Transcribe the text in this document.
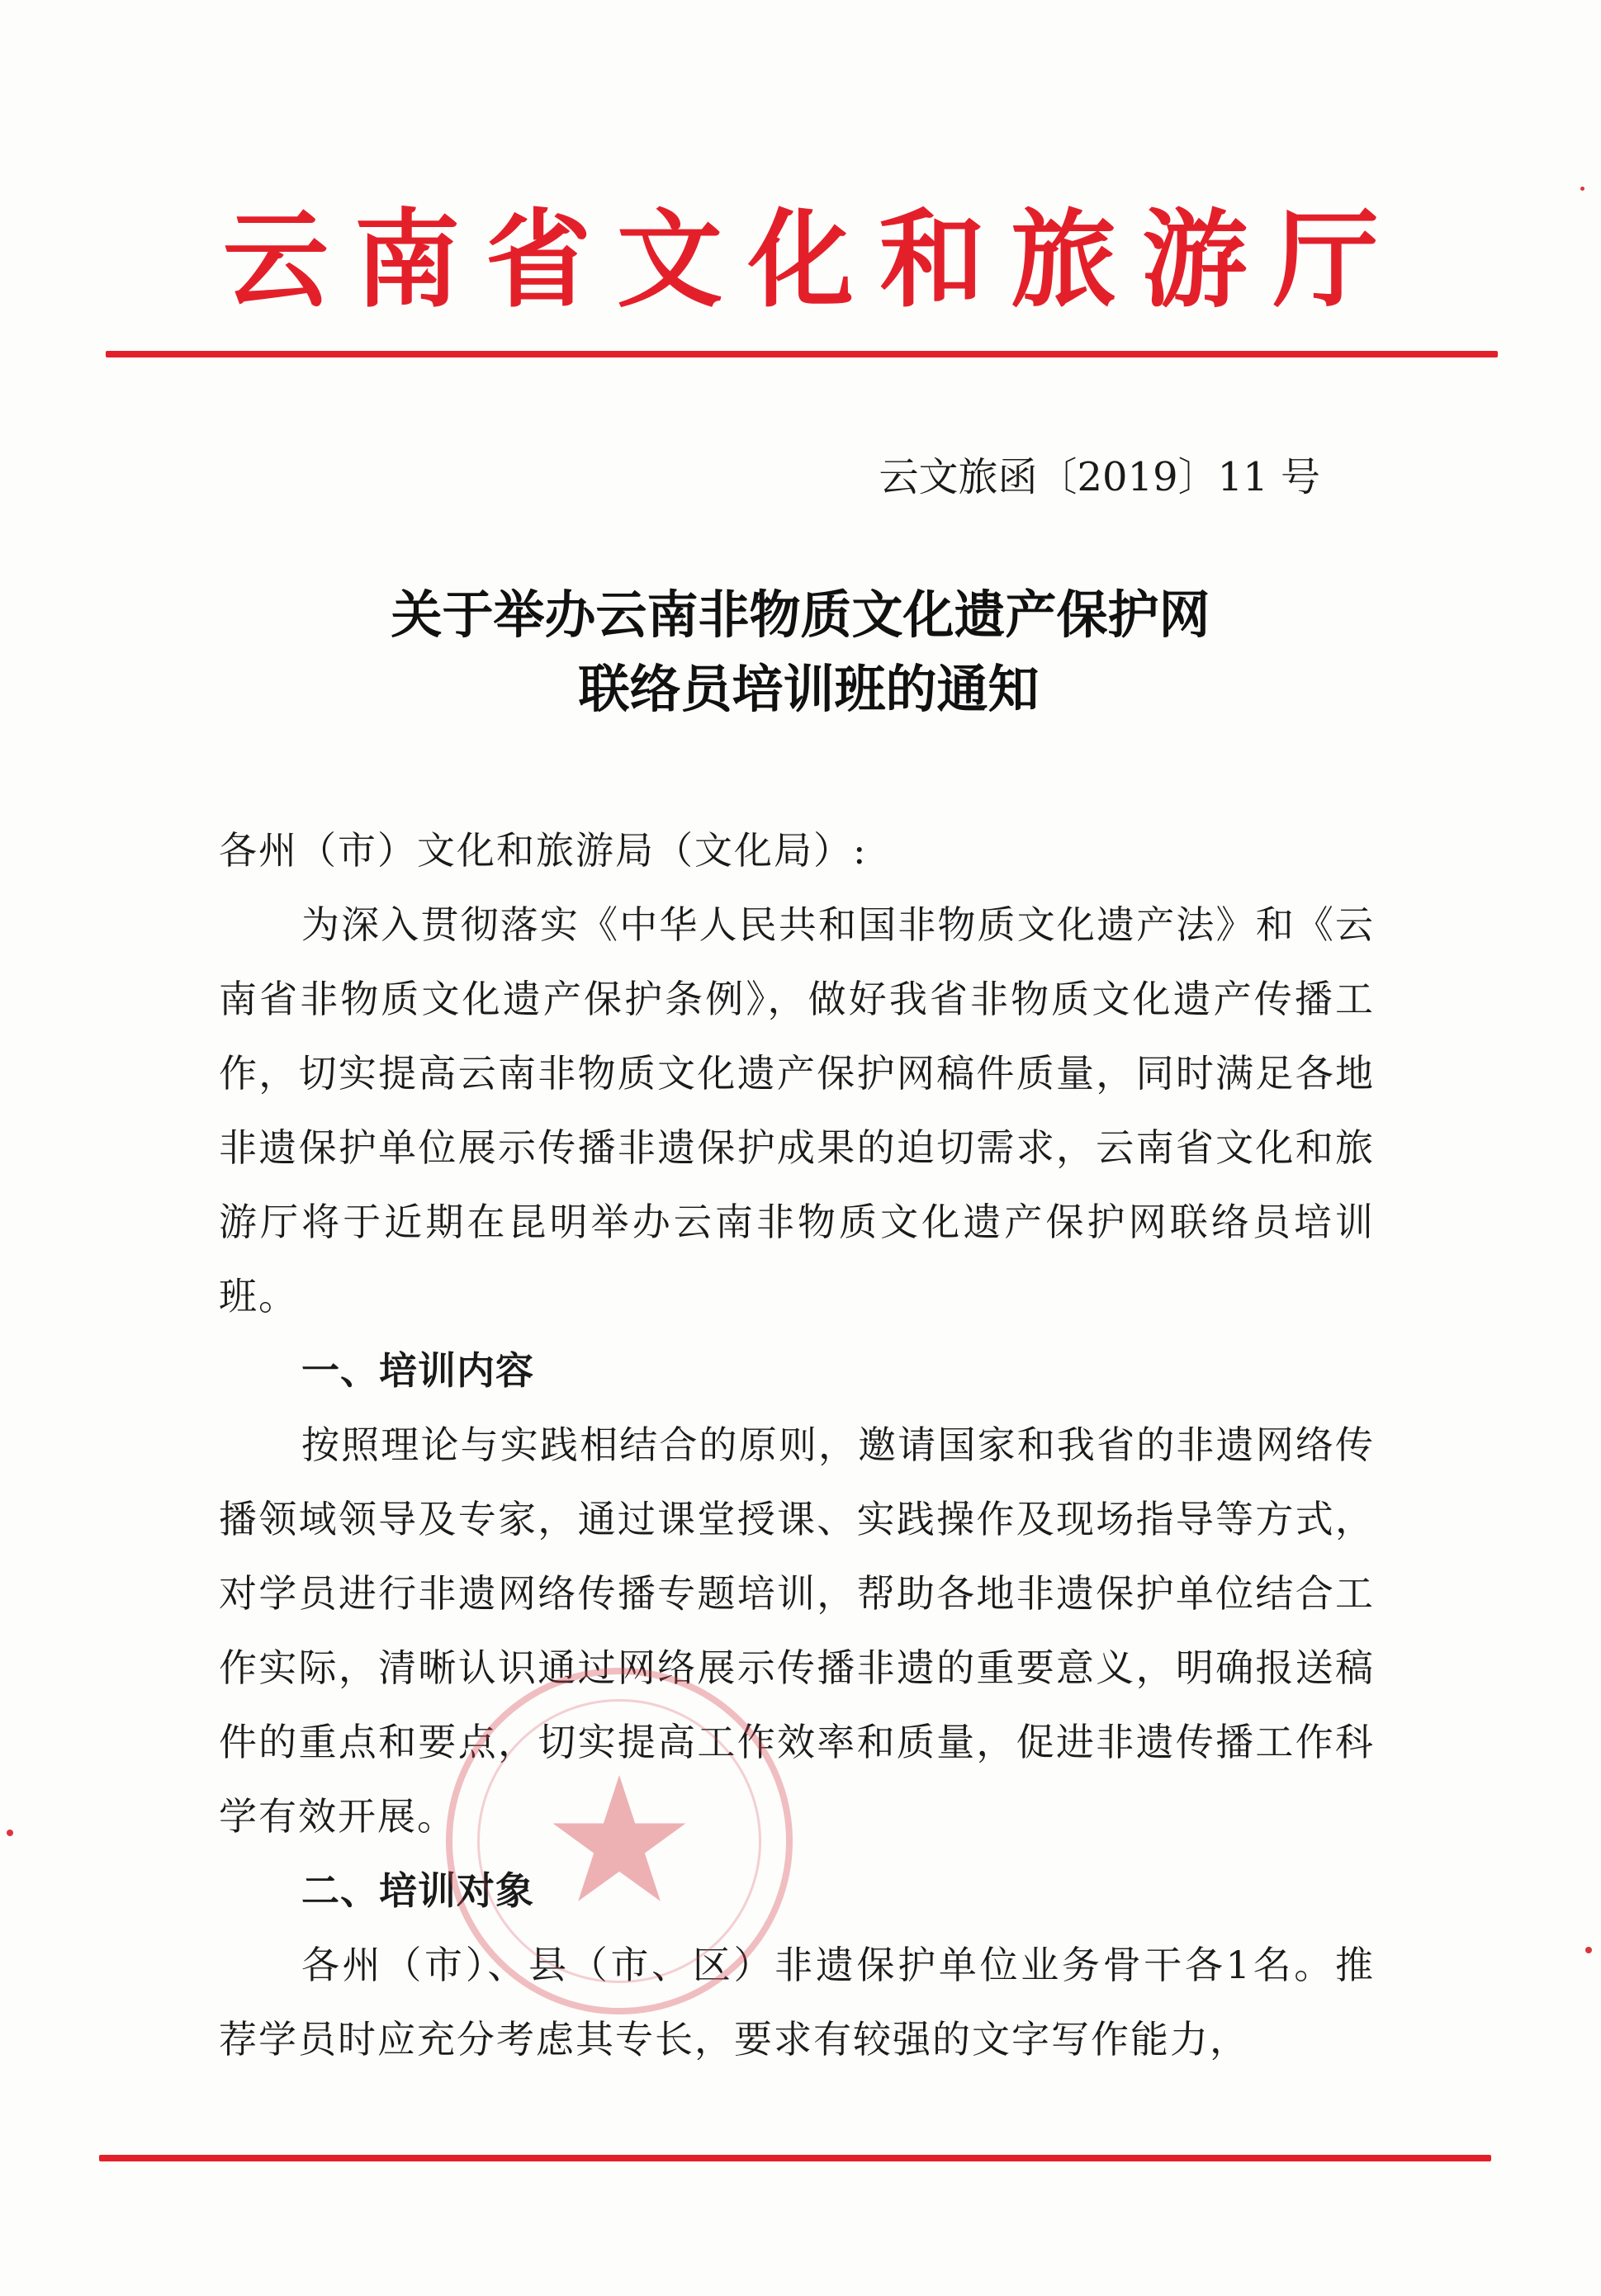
云 南 省 文 化 和 旅 游 厅
云文旅函〔2019〕11 号
关于举办云南非物质文化遗产保护网
联络员培训班的通知

各州（市）文化和旅游局（文化局）:

为深入贯彻落实《中华人民共和国非物质文化遗产法》和《云南省非物质文化遗产保护条例》，做好我省非物质文化遗产传播工作，切实提高云南非物质文化遗产保护网稿件质量，同时满足各地非遗保护单位展示传播非遗保护成果的迫切需求，云南省文化和旅游厅将于近期在昆明举办云南非物质文化遗产保护网联络员培训班。

一、培训内容

按照理论与实践相结合的原则，邀请国家和我省的非遗网络传播领域领导及专家，通过课堂授课、实践操作及现场指导等方式，对学员进行非遗网络传播专题培训，帮助各地非遗保护单位结合工作实际，清晰认识通过网络展示传播非遗的重要意义，明确报送稿件的重点和要点，切实提高工作效率和质量，促进非遗传播工作科学有效开展。

二、培训对象

各州（市）、县（市、区）非遗保护单位业务骨干各1名。推荐学员时应充分考虑其专长，要求有较强的文字写作能力，

★
